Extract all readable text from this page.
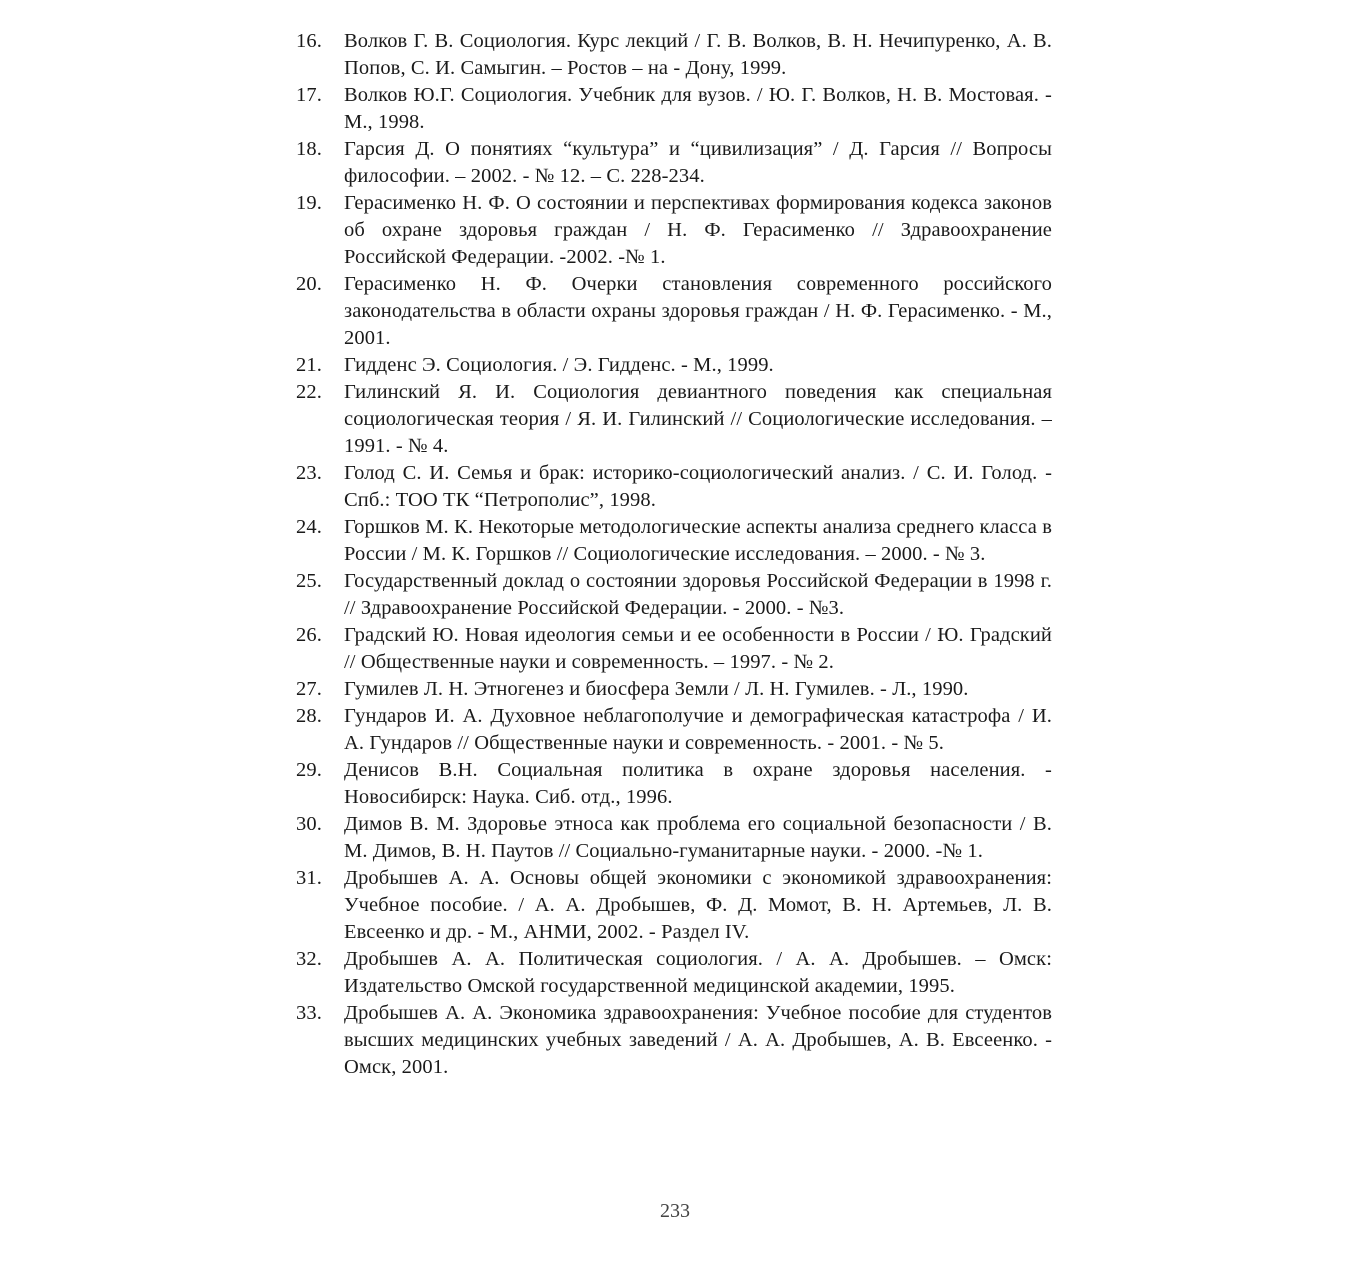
16.	Волков Г. В. Социология. Курс лекций / Г. В. Волков, В. Н. Нечипуренко, А. В. Попов, С. И. Самыгин. – Ростов – на - Дону, 1999.
17.	Волков Ю.Г. Социология. Учебник для вузов. / Ю. Г. Волков, Н. В. Мостовая. - М., 1998.
18.	Гарсия Д. О понятиях “культура” и “цивилизация” / Д. Гарсия // Вопросы философии. – 2002. - № 12. – С. 228-234.
19.	Герасименко Н. Ф. О состоянии и перспективах формирования кодекса законов об охране здоровья граждан / Н. Ф. Герасименко // Здравоохранение Российской Федерации. -2002. -№ 1.
20.	Герасименко Н. Ф. Очерки становления современного российского законодательства в области охраны здоровья граждан / Н. Ф. Герасименко. - М., 2001.
21.	Гидденс Э. Социология. / Э. Гидденс. - М., 1999.
22.	Гилинский Я. И. Социология девиантного поведения как специальная социологическая теория / Я. И. Гилинский // Социологические исследования. – 1991. - № 4.
23.	Голод С. И. Семья и брак: историко-социологический анализ. / С. И. Голод. - Спб.: ТОО ТК “Петрополис”, 1998.
24.	Горшков М. К. Некоторые методологические аспекты анализа среднего класса в России / М. К. Горшков // Социологические исследования. – 2000. - № 3.
25.	Государственный доклад о состоянии здоровья Российской Федерации в 1998 г. // Здравоохранение Российской Федерации. - 2000. - №3.
26.	Градский Ю. Новая идеология семьи и ее особенности в России / Ю. Градский // Общественные науки и современность. – 1997. - № 2.
27.	Гумилев Л. Н. Этногенез и биосфера Земли / Л. Н. Гумилев. - Л., 1990.
28.	Гундаров И. А. Духовное неблагополучие и демографическая катастрофа / И. А. Гундаров // Общественные науки и современность. - 2001. - № 5.
29.	Денисов В.Н. Социальная политика в охране здоровья населения. - Новосибирск: Наука. Сиб. отд., 1996.
30.	Димов В. М. Здоровье этноса как проблема его социальной безопасности / В. М. Димов, В. Н. Паутов // Социально-гуманитарные науки. - 2000. -№ 1.
31.	Дробышев А. А. Основы общей экономики с экономикой здравоохранения: Учебное пособие. / А. А. Дробышев, Ф. Д. Момот, В. Н. Артемьев, Л. В. Евсеенко и др. - М., АНМИ, 2002. - Раздел IV.
32.	Дробышев А. А. Политическая социология. / А. А. Дробышев. – Омск: Издательство Омской государственной медицинской академии, 1995.
33.	Дробышев А. А. Экономика здравоохранения: Учебное пособие для студентов высших медицинских учебных заведений / А. А. Дробышев, А. В. Евсеенко. - Омск, 2001.
233
